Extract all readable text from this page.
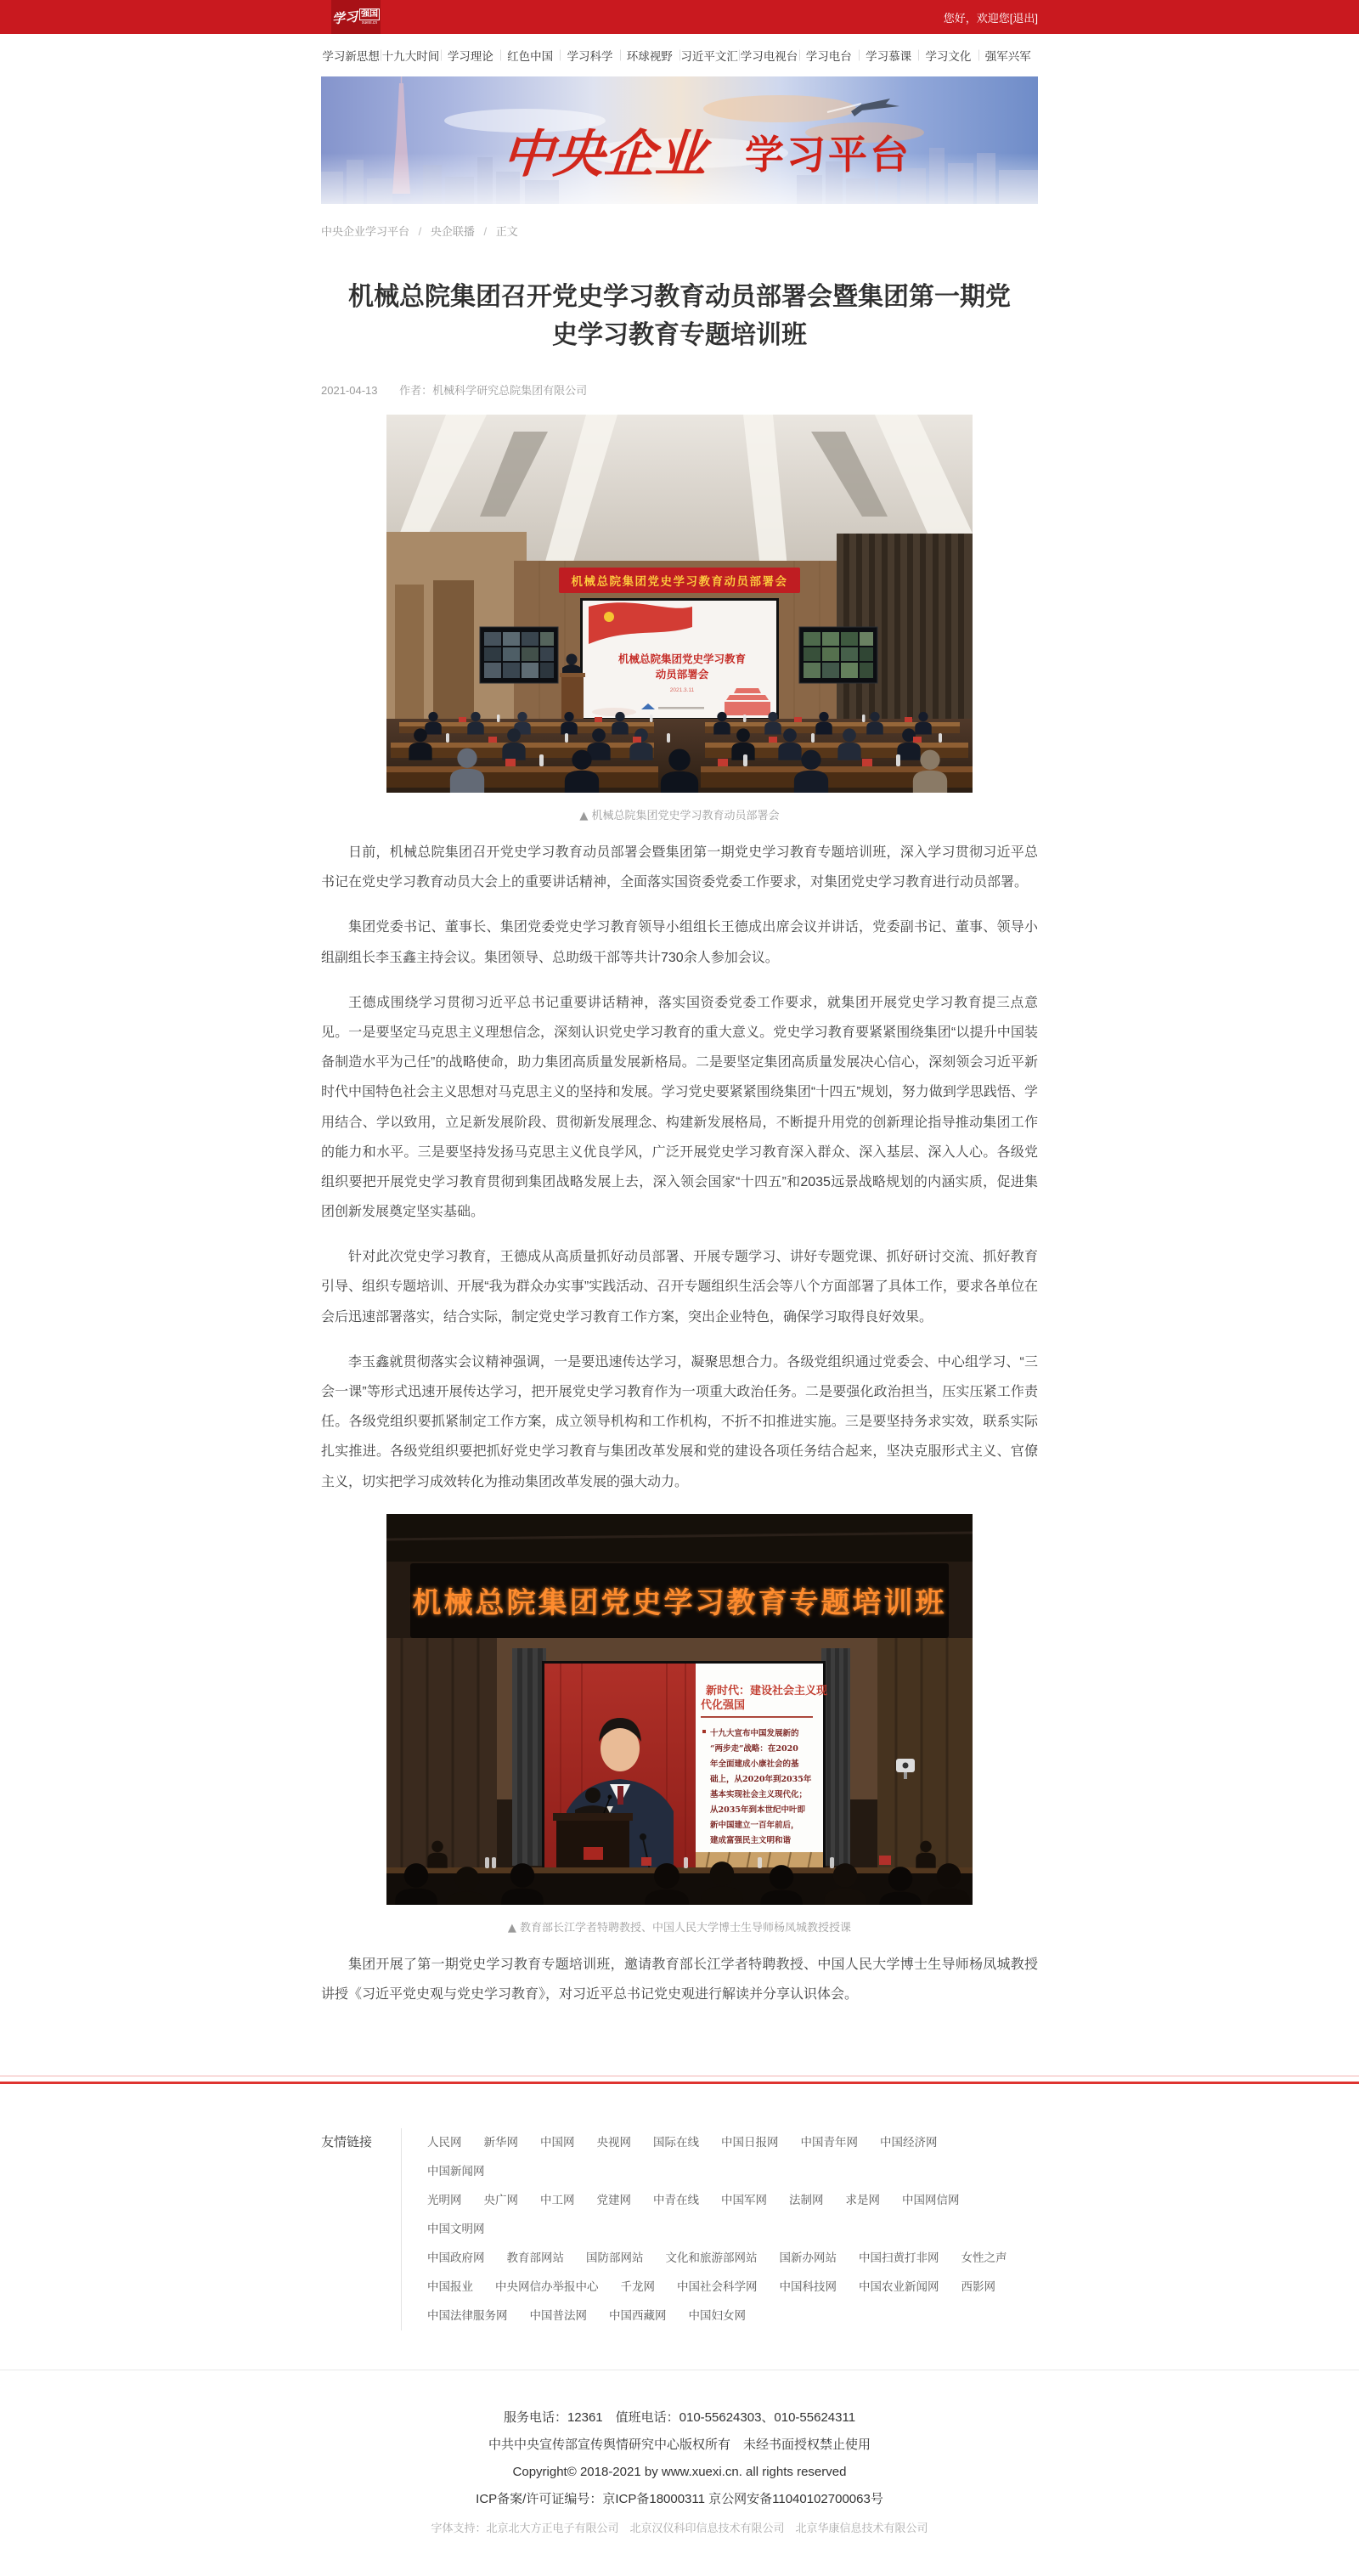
学习 强国
xuexi.cn	您好，欢迎您 [退出]
学习新思想 十九大时间 学习理论	红色中国	学习科学	环球视野 习近平文汇 学习电视台 学习电台	学习慕课	学习文化	强军兴军
中央企业 学习平台
中央企业学习平台 / 央企联播 / 正文
机械总院集团召开党史学习教育动员部署会暨集团第一期党史学习教育专题培训班
2021-04-13 作者：机械科学研究总院集团有限公司
机械总院集团党史学习教育动员部署会
机械总院集团党史学习教育
动员部署会
2021.3.11
▲ 机械总院集团党史学习教育动员部署会

日前，机械总院集团召开党史学习教育动员部署会暨集团第一期党史学习教育专题培训班，深入学习贯彻习近平总书记在党史学习教育动员大会上的重要讲话精神，全面落实国资委党委工作要求，对集团党史学习教育进行动员部署。

集团党委书记、董事长、集团党委党史学习教育领导小组组长王德成出席会议并讲话，党委副书记、董事、领导小组副组长李玉鑫主持会议。集团领导、总助级干部等共计730余人参加会议。

王德成围绕学习贯彻习近平总书记重要讲话精神，落实国资委党委工作要求，就集团开展党史学习教育提三点意见。一是要坚定马克思主义理想信念，深刻认识党史学习教育的重大意义。党史学习教育要紧紧围绕集团“以提升中国装备制造水平为己任”的战略使命，助力集团高质量发展新格局。二是要坚定集团高质量发展决心信心，深刻领会习近平新时代中国特色社会主义思想对马克思主义的坚持和发展。学习党史要紧紧围绕集团“十四五”规划，努力做到学思践悟、学用结合、学以致用，立足新发展阶段、贯彻新发展理念、构建新发展格局，不断提升用党的创新理论指导推动集团工作的能力和水平。三是要坚持发扬马克思主义优良学风，广泛开展党史学习教育深入群众、深入基层、深入人心。各级党组织要把开展党史学习教育贯彻到集团战略发展上去，深入领会国家“十四五”和2035远景战略规划的内涵实质，促进集团创新发展奠定坚实基础。

针对此次党史学习教育，王德成从高质量抓好动员部署、开展专题学习、讲好专题党课、抓好研讨交流、抓好教育引导、组织专题培训、开展“我为群众办实事”实践活动、召开专题组织生活会等八个方面部署了具体工作，要求各单位在会后迅速部署落实，结合实际，制定党史学习教育工作方案，突出企业特色，确保学习取得良好效果。

李玉鑫就贯彻落实会议精神强调，一是要迅速传达学习，凝聚思想合力。各级党组织通过党委会、中心组学习、“三会一课”等形式迅速开展传达学习，把开展党史学习教育作为一项重大政治任务。二是要强化政治担当，压实压紧工作责任。各级党组织要抓紧制定工作方案，成立领导机构和工作机构，不折不扣推进实施。三是要坚持务求实效，联系实际扎实推进。各级党组织要把抓好党史学习教育与集团改革发展和党的建设各项任务结合起来，坚决克服形式主义、官僚主义，切实把学习成效转化为推动集团改革发展的强大动力。

机械总院集团党史学习教育专题培训班
新时代：建设社会主义现
代化强国
十九大宣布中国发展新的
“两步走”战略：在2020
年全面建成小康社会的基
础上，从2020年到2035年
基本实现社会主义现代化；
从2035年到本世纪中叶即
新中国建立一百年前后，
建成富强民主文明和谐
▲ 教育部长江学者特聘教授、中国人民大学博士生导师杨凤城教授授课

集团开展了第一期党史学习教育专题培训班，邀请教育部长江学者特聘教授、中国人民大学博士生导师杨凤城教授讲授《习近平党史观与党史学习教育》，对习近平总书记党史观进行解读并分享认识体会。

友情链接	人民网 新华网 中国网 央视网 国际在线 中国日报网 中国青年网 中国经济网中国新闻网
光明网 央广网 中工网 党建网 中青在线 中国军网 法制网 求是网 中国网信网中国文明网
中国政府网 教育部网站 国防部网站 文化和旅游部网站 国新办网站 中国扫黄打非网 女性之声
中国报业 中央网信办举报中心 千龙网 中国社会科学网 中国科技网 中国农业新闻网 西影网
中国法律服务网 中国普法网 中国西藏网 中国妇女网

服务电话：12361　值班电话：010-55624303、010-55624311

中共中央宣传部宣传舆情研究中心版权所有　未经书面授权禁止使用

Copyright© 2018-2021 by www.xuexi.cn. all rights reserved

ICP备案/许可证编号：京ICP备18000311 京公网安备11040102700063号

字体支持：北京北大方正电子有限公司　北京汉仪科印信息技术有限公司　北京华康信息技术有限公司
